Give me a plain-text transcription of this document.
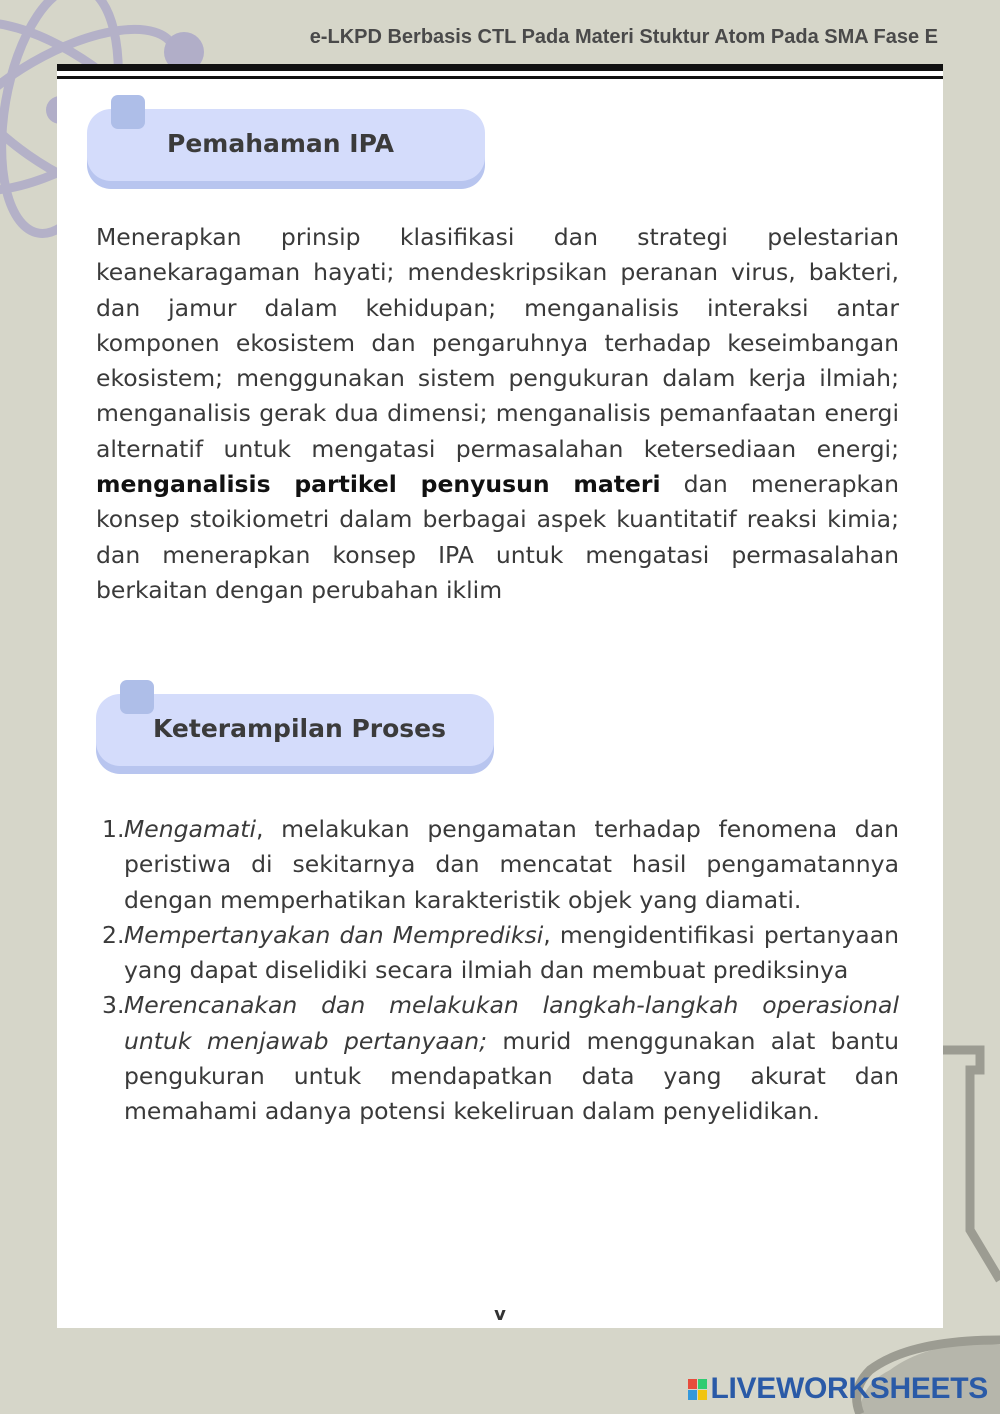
e-LKPD Berbasis CTL Pada Materi Stuktur Atom Pada SMA Fase E
Pemahaman IPA
Menerapkan prinsip klasifikasi dan strategi pelestarian keanekaragaman hayati; mendeskripsikan peranan virus, bakteri, dan jamur dalam kehidupan; menganalisis interaksi antar komponen ekosistem dan pengaruhnya terhadap keseimbangan ekosistem; menggunakan sistem pengukuran dalam kerja ilmiah; menganalisis gerak dua dimensi; menganalisis pemanfaatan energi alternatif untuk mengatasi permasalahan ketersediaan energi; menganalisis partikel penyusun materi dan menerapkan konsep stoikiometri dalam berbagai aspek kuantitatif reaksi kimia; dan menerapkan konsep IPA untuk mengatasi permasalahan berkaitan dengan perubahan iklim
Keterampilan Proses
1. Mengamati, melakukan pengamatan terhadap fenomena dan peristiwa di sekitarnya dan mencatat hasil pengamatannya dengan memperhatikan karakteristik objek yang diamati.
2. Mempertanyakan dan Memprediksi, mengidentifikasi pertanyaan yang dapat diselidiki secara ilmiah dan membuat prediksinya
3. Merencanakan dan melakukan langkah-langkah operasional untuk menjawab pertanyaan; murid menggunakan alat bantu pengukuran untuk mendapatkan data yang akurat dan memahami adanya potensi kekeliruan dalam penyelidikan.
v
LIVEWORKSHEETS
